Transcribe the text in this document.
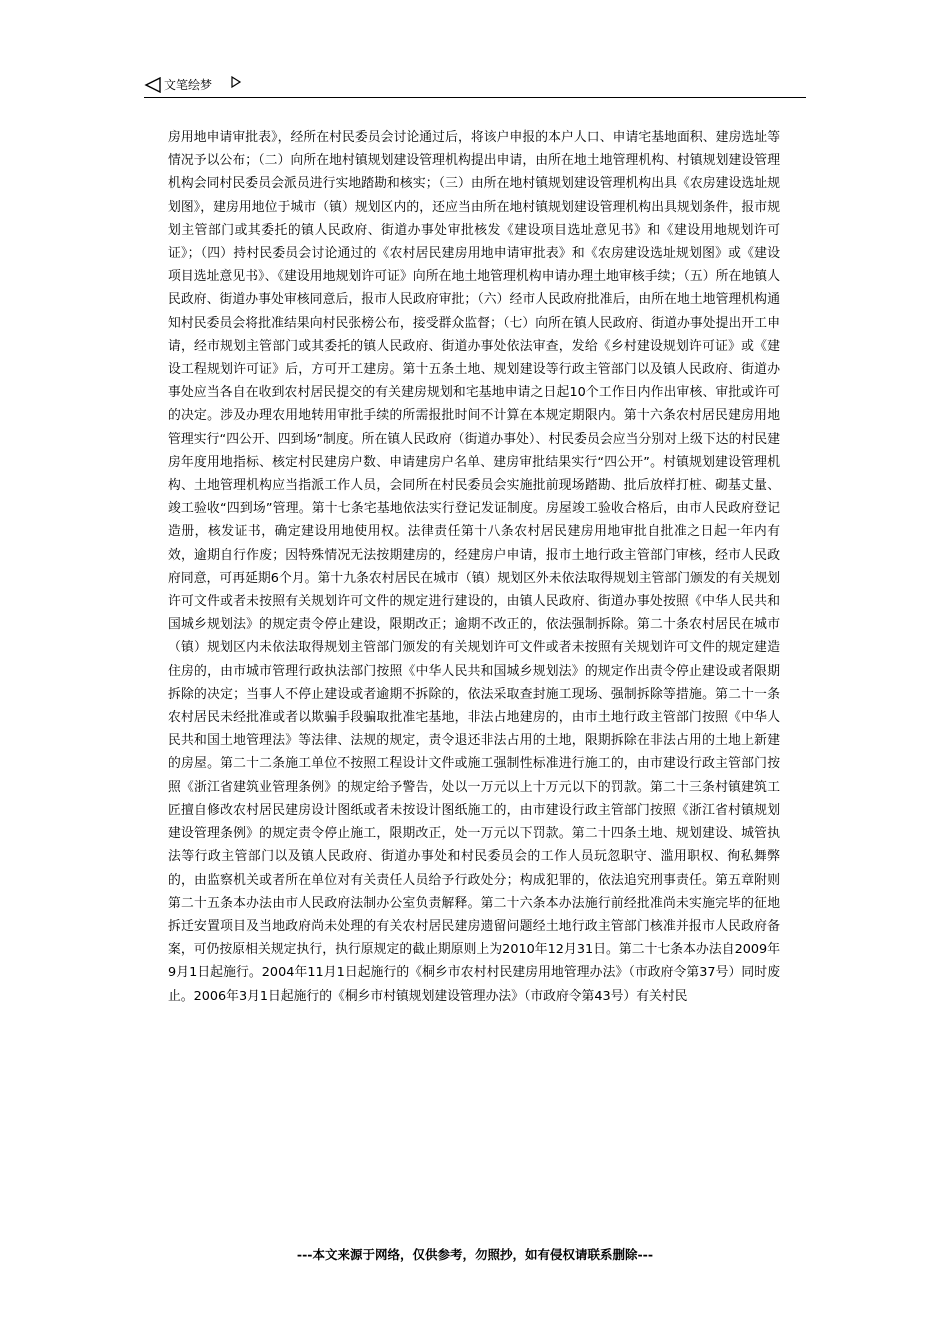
文笔绘梦
房用地申请审批表》，经所在村民委员会讨论通过后，将该户申报的本户人口、申请宅基地面积、建房选址等情况予以公布；（二）向所在地村镇规划建设管理机构提出申请，由所在地土地管理机构、村镇规划建设管理机构会同村民委员会派员进行实地踏勘和核实；（三）由所在地村镇规划建设管理机构出具《农房建设选址规划图》，建房用地位于城市（镇）规划区内的，还应当由所在地村镇规划建设管理机构出具规划条件，报市规划主管部门或其委托的镇人民政府、街道办事处审批核发《建设项目选址意见书》和《建设用地规划许可证》；（四）持村民委员会讨论通过的《农村居民建房用地申请审批表》和《农房建设选址规划图》或《建设项目选址意见书》、《建设用地规划许可证》向所在地土地管理机构申请办理土地审核手续；（五）所在地镇人民政府、街道办事处审核同意后，报市人民政府审批；（六）经市人民政府批准后，由所在地土地管理机构通知村民委员会将批准结果向村民张榜公布，接受群众监督；（七）向所在镇人民政府、街道办事处提出开工申请，经市规划主管部门或其委托的镇人民政府、街道办事处依法审查，发给《乡村建设规划许可证》或《建设工程规划许可证》后，方可开工建房。第十五条土地、规划建设等行政主管部门以及镇人民政府、街道办事处应当各自在收到农村居民提交的有关建房规划和宅基地申请之日起10个工作日内作出审核、审批或许可的决定。涉及办理农用地转用审批手续的所需报批时间不计算在本规定期限内。第十六条农村居民建房用地管理实行“四公开、四到场”制度。所在镇人民政府（街道办事处）、村民委员会应当分别对上级下达的村民建房年度用地指标、核定村民建房户数、申请建房户名单、建房审批结果实行“四公开”。村镇规划建设管理机构、土地管理机构应当指派工作人员，会同所在村民委员会实施批前现场踏勘、批后放样打桩、砌基丈量、竣工验收“四到场”管理。第十七条宅基地依法实行登记发证制度。房屋竣工验收合格后，由市人民政府登记造册，核发证书，确定建设用地使用权。法律责任第十八条农村居民建房用地审批自批准之日起一年内有效，逾期自行作废；因特殊情况无法按期建房的，经建房户申请，报市土地行政主管部门审核，经市人民政府同意，可再延期6个月。第十九条农村居民在城市（镇）规划区外未依法取得规划主管部门颁发的有关规划许可文件或者未按照有关规划许可文件的规定进行建设的，由镇人民政府、街道办事处按照《中华人民共和国城乡规划法》的规定责令停止建设，限期改正；逾期不改正的，依法强制拆除。第二十条农村居民在城市（镇）规划区内未依法取得规划主管部门颁发的有关规划许可文件或者未按照有关规划许可文件的规定建造住房的，由市城市管理行政执法部门按照《中华人民共和国城乡规划法》的规定作出责令停止建设或者限期拆除的决定；当事人不停止建设或者逾期不拆除的，依法采取查封施工现场、强制拆除等措施。第二十一条农村居民未经批准或者以欺骗手段骗取批准宅基地，非法占地建房的，由市土地行政主管部门按照《中华人民共和国土地管理法》等法律、法规的规定，责令退还非法占用的土地，限期拆除在非法占用的土地上新建的房屋。第二十二条施工单位不按照工程设计文件或施工强制性标准进行施工的，由市建设行政主管部门按照《浙江省建筑业管理条例》的规定给予警告，处以一万元以上十万元以下的罚款。第二十三条村镇建筑工匠擅自修改农村居民建房设计图纸或者未按设计图纸施工的，由市建设行政主管部门按照《浙江省村镇规划建设管理条例》的规定责令停止施工，限期改正，处一万元以下罚款。第二十四条土地、规划建设、城管执法等行政主管部门以及镇人民政府、街道办事处和村民委员会的工作人员玩忽职守、滥用职权、徇私舞弊的，由监察机关或者所在单位对有关责任人员给予行政处分；构成犯罪的，依法追究刑事责任。第五章附则第二十五条本办法由市人民政府法制办公室负责解释。第二十六条本办法施行前经批准尚未实施完毕的征地拆迁安置项目及当地政府尚未处理的有关农村居民建房遗留问题经土地行政主管部门核准并报市人民政府备案，可仍按原相关规定执行，执行原规定的截止期原则上为2010年12月31日。第二十七条本办法自2009年9月1日起施行。2004年11月1日起施行的《桐乡市农村村民建房用地管理办法》（市政府令第37号）同时废止。2006年3月1日起施行的《桐乡市村镇规划建设管理办法》（市政府令第43号）有关村民
---本文来源于网络，仅供参考，勿照抄，如有侵权请联系删除---
